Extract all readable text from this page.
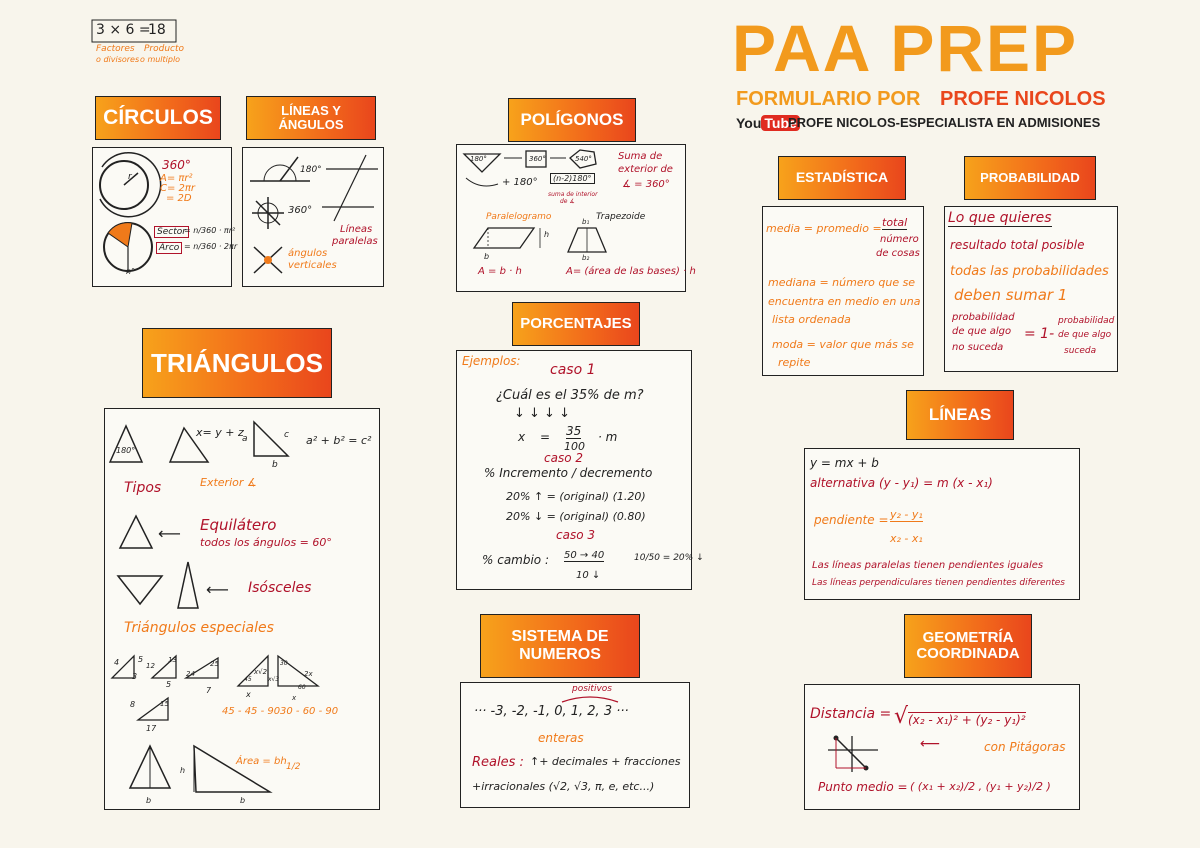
3 × 6 =
18
Factores
o divisores
Producto
o multiplo	PAA PREP
FORMULARIO POR PROFE NICOLOS
You Tube
PROFE NICOLOS-ESPECIALISTA EN ADMISIONES
CÍRCULOS
360°
r	A= πr²
C= 2πr
= 2D
Sector
Arco
= n/360 · πr²
= n/360 · 2πr
n°
LÍNEAS Y
ÁNGULOS
180°
360°
Líneas
paralelas
ángulos
verticales
POLÍGONOS
180°	360°	540°
+ 180°	(n-2)180°
suma de interior
de ∡
Suma de
exterior de
∡ = 360°
Paralelogramo	Trapezoide
h
b
b₁
b₂
A = b · h	A= (área de las bases) · h
PORCENTAJES
Ejemplos:
caso 1
¿Cuál es el 35% de m?
↓ ↓ ↓ ↓
x = 35
100
· m
caso 2
% Incremento / decremento
20% ↑ = (original) (1.20)
20% ↓ = (original) (0.80)
caso 3
% cambio : 50 → 40
10 ↓
10/50 = 20% ↓
SISTEMA DE
NUMEROS
positivos
··· -3, -2, -1, 0, 1, 2, 3 ···
enteras
Reales : ↑+ decimales + fracciones
+irracionales (√2, √3, π, e, etc...)
ESTADÍSTICA
media = promedio = total
número
de cosas
mediana = número que se
encuentra en medio en una
lista ordenada
moda = valor que más se
repite
PROBABILIDAD
Lo que quieres
resultado total posible
todas las probabilidades
deben sumar 1
probabilidad
de que algo
no suceda
= 1-
probabilidad
de que algo
suceda
LÍNEAS
y = mx + b
alternativa (y - y₁) = m (x - x₁)
pendiente = y₂ - y₁
x₂ - x₁
Las líneas paralelas tienen pendientes iguales
Las líneas perpendiculares tienen pendientes diferentes
GEOMETRÍA
COORDINADA
Distancia = (x₂ - x₁)² + (y₂ - y₁)²
√
⟵	con Pitágoras
Punto medio = ( (x₁ + x₂)/2 , (y₁ + y₂)/2 )
TRIÁNGULOS
180°
x= y + z
a
b
c a² + b² = c²
Tipos	Exterior ∡
⟵ Equilátero
todos los ángulos = 60°
⟵ Isósceles
Triángulos especiales
4 5
3
12
13
5
24
25
7	x
x√2
45
30
2x
60
x
x√3
8	15
17
45 - 45 - 90 30 - 60 - 90
h
b	b
Área = bh 1/2
